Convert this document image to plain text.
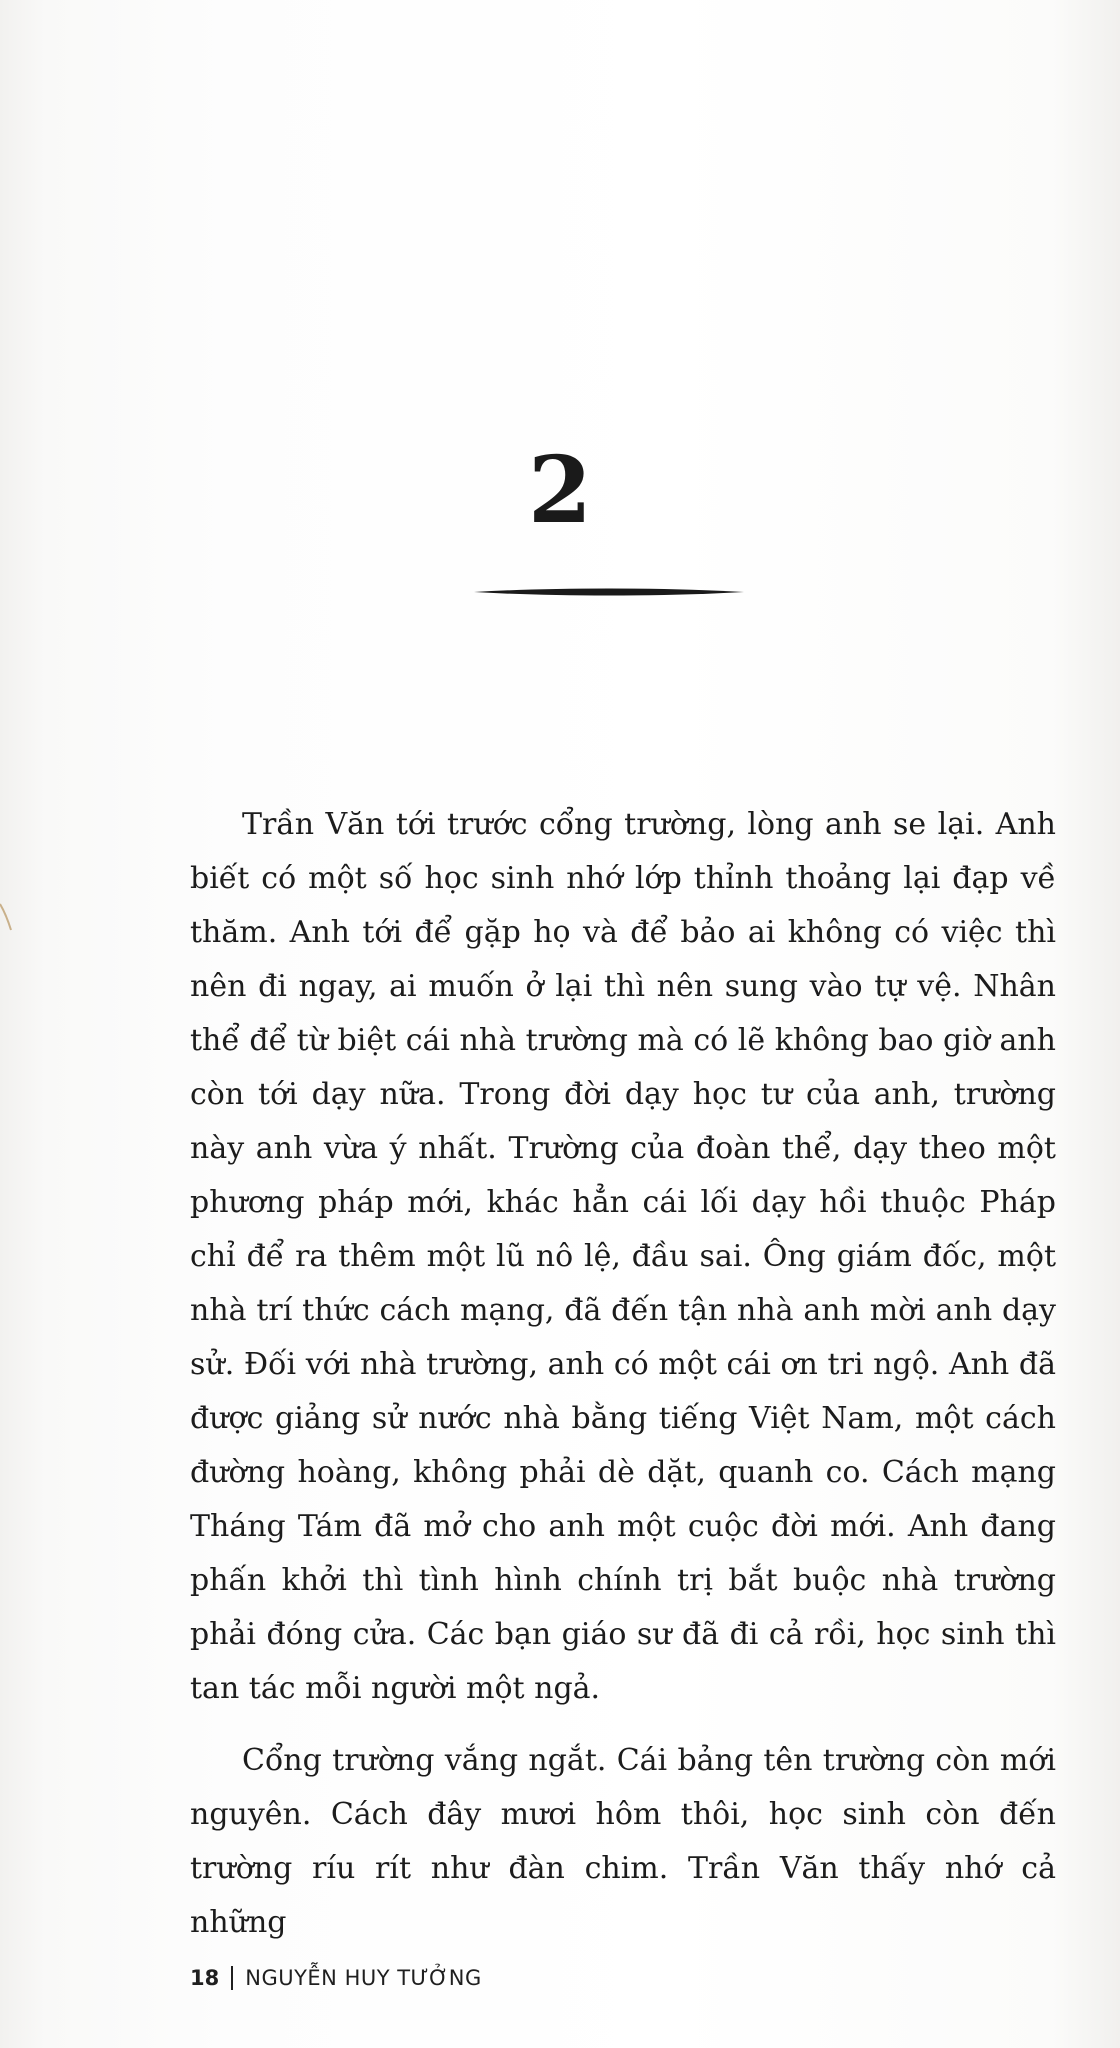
2

Trần Văn tới trước cổng trường, lòng anh se lại. Anh biết có một số học sinh nhớ lớp thỉnh thoảng lại đạp về thăm. Anh tới để gặp họ và để bảo ai không có việc thì nên đi ngay, ai muốn ở lại thì nên sung vào tự vệ. Nhân thể để từ biệt cái nhà trường mà có lẽ không bao giờ anh còn tới dạy nữa. Trong đời dạy học tư của anh, trường này anh vừa ý nhất. Trường của đoàn thể, dạy theo một phương pháp mới, khác hẳn cái lối dạy hồi thuộc Pháp chỉ để ra thêm một lũ nô lệ, đầu sai. Ông giám đốc, một nhà trí thức cách mạng, đã đến tận nhà anh mời anh dạy sử. Đối với nhà trường, anh có một cái ơn tri ngộ. Anh đã được giảng sử nước nhà bằng tiếng Việt Nam, một cách đường hoàng, không phải dè dặt, quanh co. Cách mạng Tháng Tám đã mở cho anh một cuộc đời mới. Anh đang phấn khởi thì tình hình chính trị bắt buộc nhà trường phải đóng cửa. Các bạn giáo sư đã đi cả rồi, học sinh thì tan tác mỗi người một ngả.

Cổng trường vắng ngắt. Cái bảng tên trường còn mới nguyên. Cách đây mươi hôm thôi, học sinh còn đến trường ríu rít như đàn chim. Trần Văn thấy nhớ cả những

18 NGUYỄN HUY TƯỞNG
